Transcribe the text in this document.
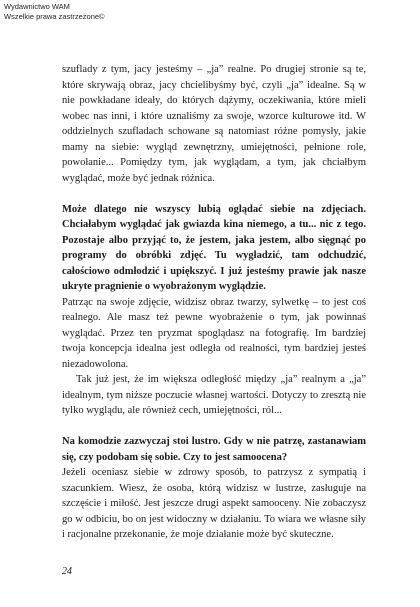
Wydawnictwo WAM
Wszelkie prawa zastrzeżone©

szuflady z tym, jacy jesteśmy – „ja” realne. Po drugiej stronie są te, które skrywają obraz, jacy chcielibyśmy być, czyli „ja” idealne. Są w nie powkładane ideały, do których dążymy, oczekiwania, które mieli wobec nas inni, i które uznaliśmy za swoje, wzorce kulturowe itd. W oddzielnych szufladach schowane są natomiast różne pomysły, jakie mamy na siebie: wygląd zewnętrzny, umiejętności, pełnione role, powołanie... Pomiędzy tym, jak wyglądam, a tym, jak chciałbym wyglądać, może być jednak różnica.

Może dlatego nie wszyscy lubią oglądać siebie na zdjęciach. Chciałabym wyglądać jak gwiazda kina niemego, a tu... nic z tego. Pozostaje albo przyjąć to, że jestem, jaka jestem, albo sięgnąć po programy do obróbki zdjęć. Tu wygładzić, tam odchudzić, całościowo odmłodzić i upiększyć. I już jesteśmy prawie jak nasze ukryte pragnienie o wyobrażonym wyglądzie.

Patrząc na swoje zdjęcie, widzisz obraz twarzy, sylwetkę – to jest coś realnego. Ale masz też pewne wyobrażenie o tym, jak powinnaś wyglądać. Przez ten pryzmat spoglądasz na fotografię. Im bardziej twoja koncepcja idealna jest odległa od realności, tym bardziej jesteś niezadowolona.

Tak już jest, że im większa odległość między „ja” realnym a „ja” idealnym, tym niższe poczucie własnej wartości. Dotyczy to zresztą nie tylko wyglądu, ale również cech, umiejętności, ról...

Na komodzie zazwyczaj stoi lustro. Gdy w nie patrzę, zastanawiam się, czy podobam się sobie. Czy to jest samoocena?

Jeżeli oceniasz siebie w zdrowy sposób, to patrzysz z sympatią i szacunkiem. Wiesz, że osoba, którą widzisz w lustrze, zasługuje na szczęście i miłość. Jest jeszcze drugi aspekt samooceny. Nie zobaczysz go w odbiciu, bo on jest widoczny w działaniu. To wiara we własne siły i racjonalne przekonanie, że moje działanie może być skuteczne.

24
